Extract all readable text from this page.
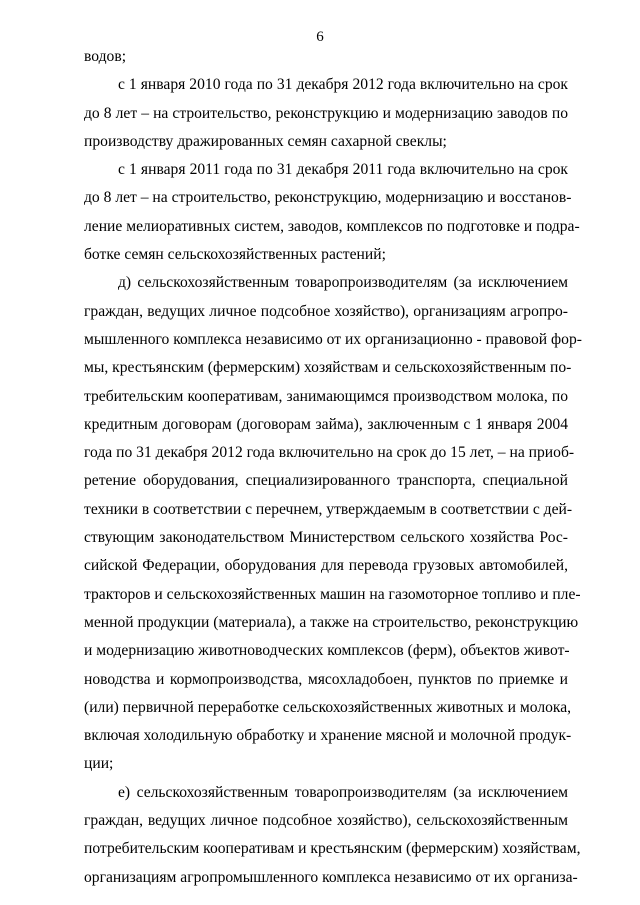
6
водов;
с 1 января 2010 года по 31 декабря 2012 года включительно на срок
до 8 лет – на строительство, реконструкцию и модернизацию заводов по
производству дражированных семян сахарной свеклы;
с 1 января 2011 года по 31 декабря 2011 года включительно на срок
до 8 лет – на строительство, реконструкцию, модернизацию и восстанов-
ление мелиоративных систем, заводов, комплексов по подготовке и подра-
ботке семян сельскохозяйственных растений;
д) сельскохозяйственным товаропроизводителям (за исключением
граждан, ведущих личное подсобное хозяйство), организациям агропро-
мышленного комплекса независимо от их организационно - правовой фор-
мы, крестьянским (фермерским) хозяйствам и сельскохозяйственным по-
требительским кооперативам, занимающимся производством молока, по
кредитным договорам (договорам займа), заключенным с 1 января 2004
года по 31 декабря 2012 года включительно на срок до 15 лет, – на приоб-
ретение оборудования, специализированного транспорта, специальной
техники в соответствии с перечнем, утверждаемым в соответствии с дей-
ствующим законодательством Министерством сельского хозяйства Рос-
сийской Федерации, оборудования для перевода грузовых автомобилей,
тракторов и сельскохозяйственных машин на газомоторное топливо и пле-
менной продукции (материала), а также на строительство, реконструкцию
и модернизацию животноводческих комплексов (ферм), объектов живот-
новодства и кормопроизводства, мясохладобоен, пунктов по приемке и
(или) первичной переработке сельскохозяйственных животных и молока,
включая холодильную обработку и хранение мясной и молочной продук-
ции;
е) сельскохозяйственным товаропроизводителям (за исключением
граждан, ведущих личное подсобное хозяйство), сельскохозяйственным
потребительским кооперативам и крестьянским (фермерским) хозяйствам,
организациям агропромышленного комплекса независимо от их организа-
